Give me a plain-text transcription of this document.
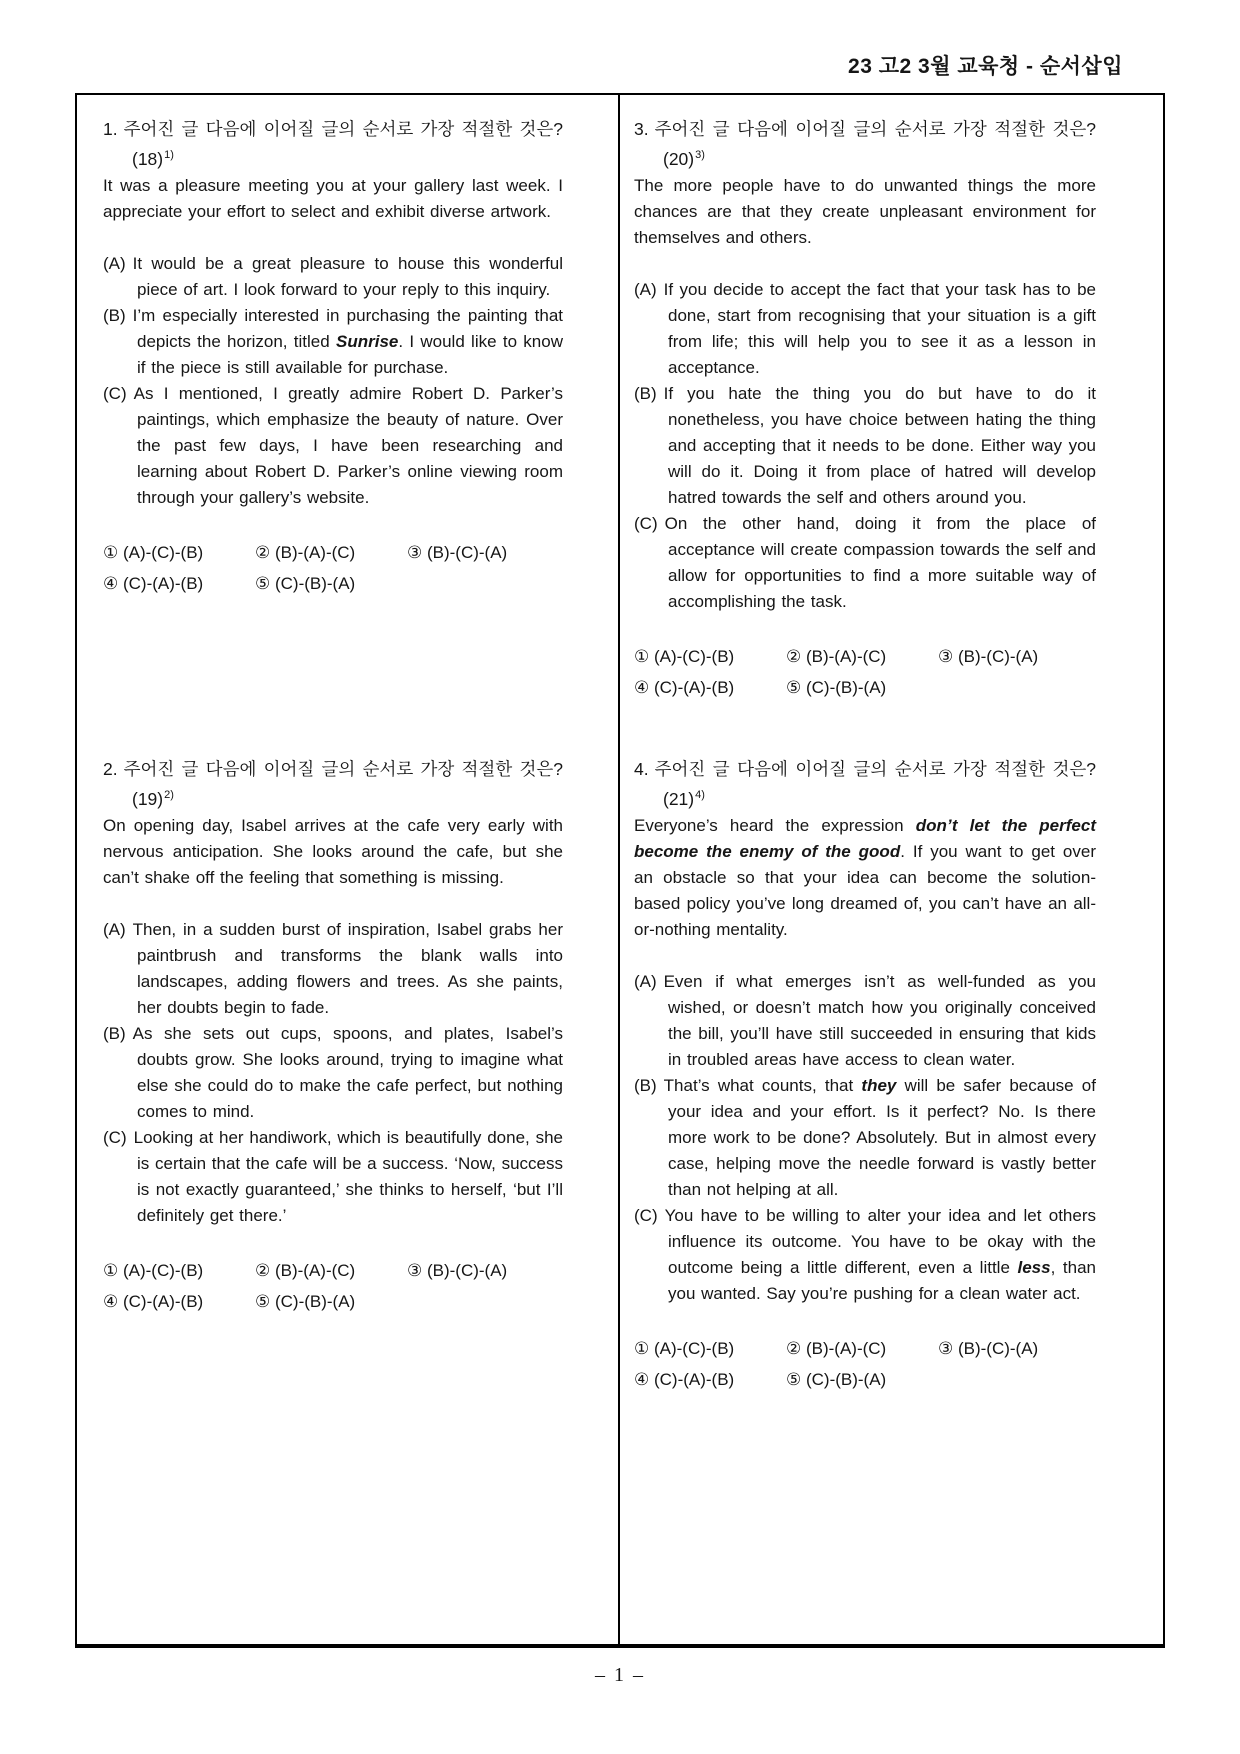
23 고2 3월 교육청 - 순서삽입

1. 주어진 글 다음에 이어질 글의 순서로 가장 적절한 것은?(18)$^{1)}$

It was a pleasure meeting you at your gallery last week. I appreciate your effort to select and exhibit diverse artwork.

(A) It would be a great pleasure to house this wonderful piece of art. I look forward to your reply to this inquiry.

(B) I’m especially interested in purchasing the painting that depicts the horizon, titled Sunrise. I would like to know if the piece is still available for purchase.

(C) As I mentioned, I greatly admire Robert D. Parker’s paintings, which emphasize the beauty of nature. Over the past few days, I have been researching and learning about Robert D. Parker’s online viewing room through your gallery’s website.

① (A)-(C)-(B)	② (B)-(A)-(C)	③ (B)-(C)-(A)
④ (C)-(A)-(B)	⑤ (C)-(B)-(A)

2. 주어진 글 다음에 이어질 글의 순서로 가장 적절한 것은?(19)$^{2)}$

On opening day, Isabel arrives at the cafe very early with nervous anticipation. She looks around the cafe, but she can’t shake off the feeling that something is missing.

(A) Then, in a sudden burst of inspiration, Isabel grabs her paintbrush and transforms the blank walls into landscapes, adding flowers and trees. As she paints, her doubts begin to fade.

(B) As she sets out cups, spoons, and plates, Isabel’s doubts grow. She looks around, trying to imagine what else she could do to make the cafe perfect, but nothing comes to mind.

(C) Looking at her handiwork, which is beautifully done, she is certain that the cafe will be a success. ‘Now, success is not exactly guaranteed,’ she thinks to herself, ‘but I’ll definitely get there.’

① (A)-(C)-(B)	② (B)-(A)-(C)	③ (B)-(C)-(A)
④ (C)-(A)-(B)	⑤ (C)-(B)-(A)

3. 주어진 글 다음에 이어질 글의 순서로 가장 적절한 것은?(20)$^{3)}$

The more people have to do unwanted things the more chances are that they create unpleasant environment for themselves and others.

(A) If you decide to accept the fact that your task has to be done, start from recognising that your situation is a gift from life; this will help you to see it as a lesson in acceptance.

(B) If you hate the thing you do but have to do it nonetheless, you have choice between hating the thing and accepting that it needs to be done. Either way you will do it. Doing it from place of hatred will develop hatred towards the self and others around you.

(C) On the other hand, doing it from the place of acceptance will create compassion towards the self and allow for opportunities to find a more suitable way of accomplishing the task.

① (A)-(C)-(B)	② (B)-(A)-(C)	③ (B)-(C)-(A)
④ (C)-(A)-(B)	⑤ (C)-(B)-(A)

4. 주어진 글 다음에 이어질 글의 순서로 가장 적절한 것은?(21)$^{4)}$

Everyone’s heard the expression don’t let the perfect become the enemy of the good. If you want to get over an obstacle so that your idea can become the solution-based policy you’ve long dreamed of, you can’t have an all-or-nothing mentality.

(A) Even if what emerges isn’t as well-funded as you wished, or doesn’t match how you originally conceived the bill, you’ll have still succeeded in ensuring that kids in troubled areas have access to clean water.

(B) That’s what counts, that they will be safer because of your idea and your effort. Is it perfect? No. Is there more work to be done? Absolutely. But in almost every case, helping move the needle forward is vastly better than not helping at all.

(C) You have to be willing to alter your idea and let others influence its outcome. You have to be okay with the outcome being a little different, even a little less, than you wanted. Say you’re pushing for a clean water act.

① (A)-(C)-(B)	② (B)-(A)-(C)	③ (B)-(C)-(A)
④ (C)-(A)-(B)	⑤ (C)-(B)-(A)
– 1 –
